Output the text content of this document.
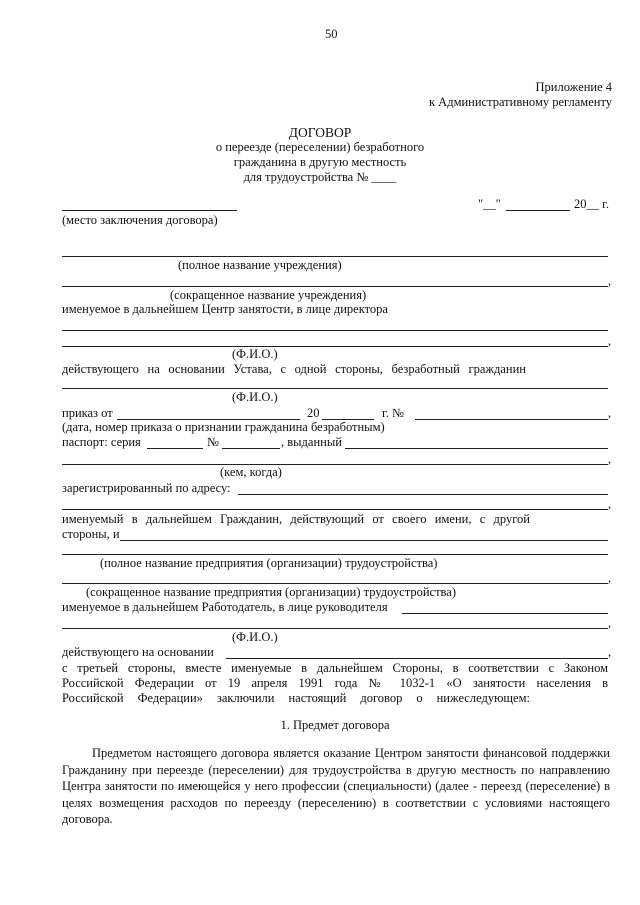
50
Приложение 4
к Административному регламенту
ДОГОВОР
о переезде (переселении) безработного
гражданина в другую местность
для трудоустройства № ____
(место заключения договора)
"__"	20__ г.
(полное название учреждения)
,
(сокращенное название учреждения)
именуемое в дальнейшем Центр занятости, в лице директора
,
(Ф.И.О.)
действующего на основании Устава, с одной стороны, безработный гражданин
(Ф.И.О.)
приказ от	20	г. №	,
(дата, номер приказа о признании гражданина безработным)
паспорт: серия	№	, выданный
,
(кем, когда)
зарегистрированный по адресу:
,
именуемый в дальнейшем Гражданин, действующий от своего имени, с другой
стороны, и
(полное название предприятия (организации) трудоустройства)
,
(сокращенное название предприятия (организации) трудоустройства)
именуемое в дальнейшем Работодатель, в лице руководителя
,
(Ф.И.О.)
действующего на основании	,
с третьей стороны, вместе именуемые в дальнейшем Стороны, в соответствии с Законом
Российской Федерации от 19 апреля 1991 года № 1032-1 «О занятости населения в
Российской Федерации» заключили настоящий договор о нижеследующем:
1. Предмет договора
Предметом настоящего договора является оказание Центром занятости финансовой поддержки Гражданину при переезде (переселении) для трудоустройства в другую местность по направлению Центра занятости по имеющейся у него профессии (специальности) (далее - переезд (переселение) в целях возмещения расходов по переезду (переселению) в соответствии с условиями настоящего договора.
